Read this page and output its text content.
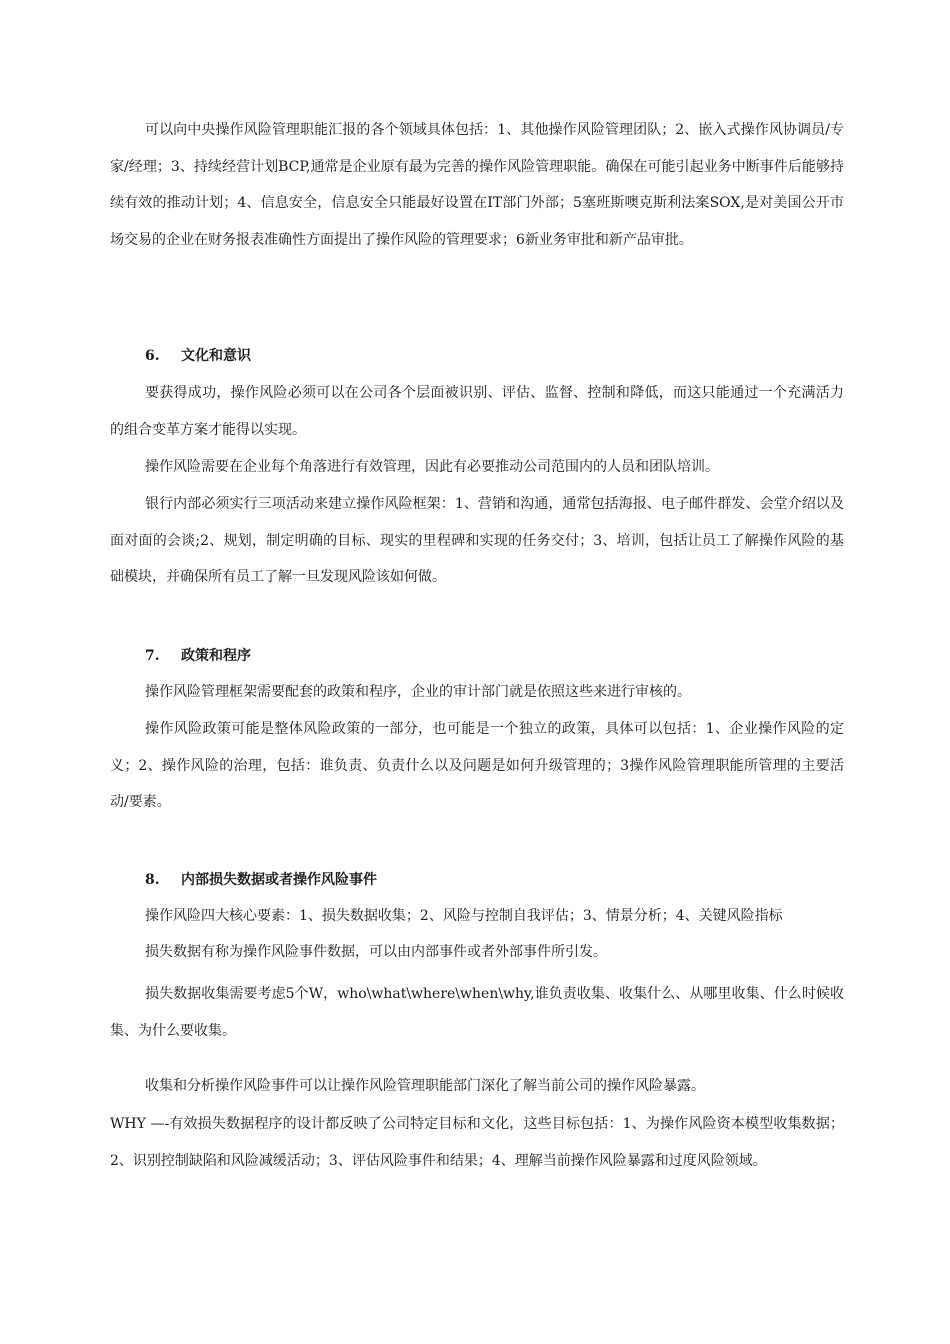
可以向中央操作风险管理职能汇报的各个领域具体包括：1、其他操作风险管理团队；2、嵌入式操作风协调员/专家/经理；3、持续经营计划BCP,通常是企业原有最为完善的操作风险管理职能。确保在可能引起业务中断事件后能够持续有效的推动计划；4、信息安全，信息安全只能最好设置在IT部门外部；5塞班斯噢克斯利法案SOX,是对美国公开市场交易的企业在财务报表准确性方面提出了操作风险的管理要求；6新业务审批和新产品审批。

6. 文化和意识

要获得成功，操作风险必须可以在公司各个层面被识别、评估、监督、控制和降低，而这只能通过一个充满活力的组合变革方案才能得以实现。

操作风险需要在企业每个角落进行有效管理，因此有必要推动公司范围内的人员和团队培训。

银行内部必须实行三项活动来建立操作风险框架：1、营销和沟通，通常包括海报、电子邮件群发、会堂介绍以及面对面的会谈;2、规划，制定明确的目标、现实的里程碑和实现的任务交付；3、培训，包括让员工了解操作风险的基础模块，并确保所有员工了解一旦发现风险该如何做。

7. 政策和程序

操作风险管理框架需要配套的政策和程序，企业的审计部门就是依照这些来进行审核的。

操作风险政策可能是整体风险政策的一部分，也可能是一个独立的政策，具体可以包括：1、企业操作风险的定义；2、操作风险的治理，包括：谁负责、负责什么以及问题是如何升级管理的；3操作风险管理职能所管理的主要活动/要素。

8. 内部损失数据或者操作风险事件

操作风险四大核心要素：1、损失数据收集；2、风险与控制自我评估；3、情景分析；4、关键风险指标

损失数据有称为操作风险事件数据，可以由内部事件或者外部事件所引发。

损失数据收集需要考虑5个W，who\what\where\when\why,谁负责收集、收集什么、从哪里收集、什么时候收集、为什么要收集。

收集和分析操作风险事件可以让操作风险管理职能部门深化了解当前公司的操作风险暴露。

WHY —-有效损失数据程序的设计都反映了公司特定目标和文化，这些目标包括：1、为操作风险资本模型收集数据；2、识别控制缺陷和风险减缓活动；3、评估风险事件和结果；4、理解当前操作风险暴露和过度风险领域。
